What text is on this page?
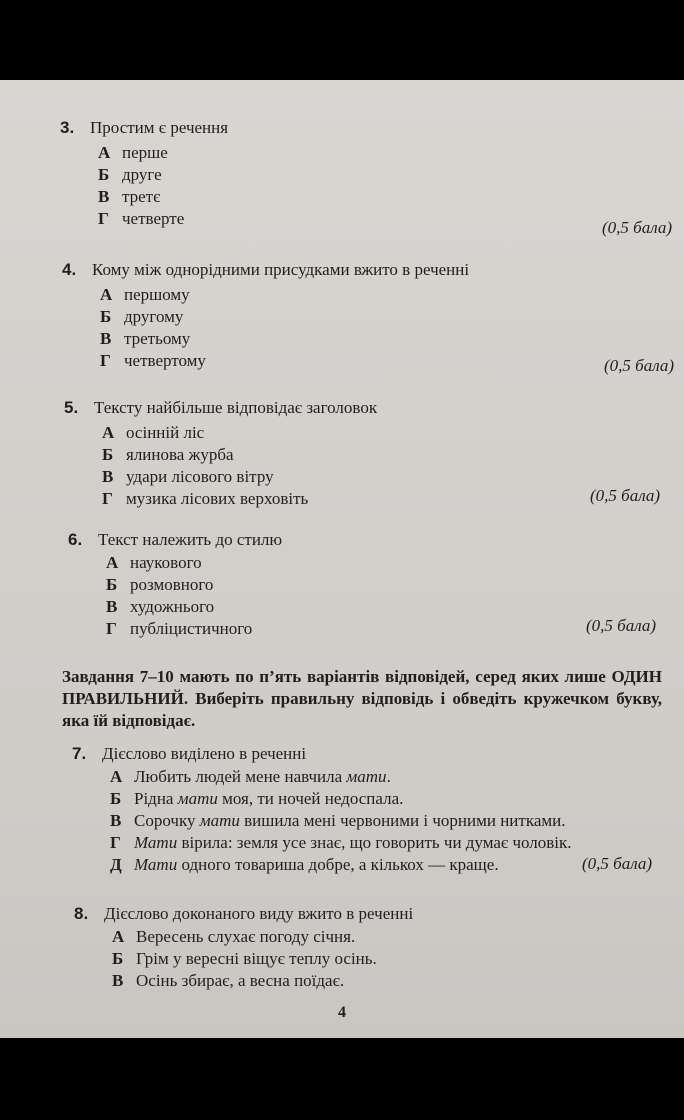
3. Простим є речення
А перше
Б друге
В третє
Г четверте	(0,5 бала)
4. Кому між однорідними присудками вжито в реченні
А першому
Б другому
В третьому
Г четвертому	(0,5 бала)
5. Тексту найбільше відповідає заголовок
А осінній ліс
Б ялинова журба
В удари лісового вітру
Г музика лісових верховіть	(0,5 бала)
6. Текст належить до стилю
А наукового
Б розмовного
В художнього
Г публіцистичного	(0,5 бала)
Завдання 7–10 мають по п’ять варіантів відповідей, серед яких лише ОДИН ПРАВИЛЬНИЙ. Виберіть правильну відповідь і обведіть кружечком букву, яка їй відповідає.
7. Дієслово виділено в реченні
А Любить людей мене навчила мати.
Б Рідна мати моя, ти ночей недоспала.
В Сорочку мати вишила мені червоними і чорними нитками.
Г Мати вірила: земля усе знає, що говорить чи думає чоловік.
Д Мати одного товариша добре, а кількох — краще.	(0,5 бала)
8. Дієслово доконаного виду вжито в реченні
А Вересень слухає погоду січня.
Б Грім у вересні віщує теплу осінь.
В Осінь збирає, а весна поїдає.
4
